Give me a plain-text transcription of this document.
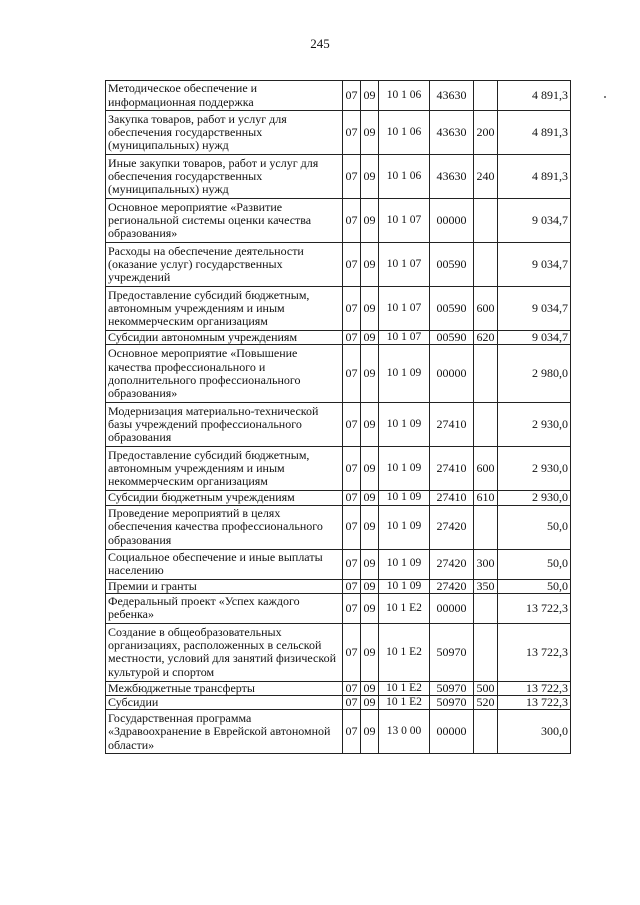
245
Методическое обеспечение и информационная поддержка	07	09	10 1 06	43630		4 891,3
Закупка товаров, работ и услуг для обеспечения государственных (муниципальных) нужд	07	09	10 1 06	43630	200	4 891,3
Иные закупки товаров, работ и услуг для обеспечения государственных (муниципальных) нужд	07	09	10 1 06	43630	240	4 891,3
Основное мероприятие «Развитие региональной системы оценки качества образования»	07	09	10 1 07	00000		9 034,7
Расходы на обеспечение деятельности (оказание услуг) государственных учреждений	07	09	10 1 07	00590		9 034,7
Предоставление субсидий бюджетным, автономным учреждениям и иным некоммерческим организациям	07	09	10 1 07	00590	600	9 034,7
Субсидии автономным учреждениям	07	09	10 1 07	00590	620	9 034,7
Основное мероприятие «Повышение качества профессионального и дополнительного профессионального образования»	07	09	10 1 09	00000		2 980,0
Модернизация материально-технической базы учреждений профессионального образования	07	09	10 1 09	27410		2 930,0
Предоставление субсидий бюджетным, автономным учреждениям и иным некоммерческим организациям	07	09	10 1 09	27410	600	2 930,0
Субсидии бюджетным учреждениям	07	09	10 1 09	27410	610	2 930,0
Проведение мероприятий в целях обеспечения качества профессионального образования	07	09	10 1 09	27420		50,0
Социальное обеспечение и иные выплаты населению	07	09	10 1 09	27420	300	50,0
Премии и гранты	07	09	10 1 09	27420	350	50,0
Федеральный проект «Успех каждого ребенка»	07	09	10 1 Е2	00000		13 722,3
Создание в общеобразовательных организациях, расположенных в сельской местности, условий для занятий физической культурой и спортом	07	09	10 1 Е2	50970		13 722,3
Межбюджетные трансферты	07	09	10 1 Е2	50970	500	13 722,3
Субсидии	07	09	10 1 Е2	50970	520	13 722,3
Государственная программа «Здравоохранение в Еврейской автономной области»	07	09	13 0 00	00000		300,0
